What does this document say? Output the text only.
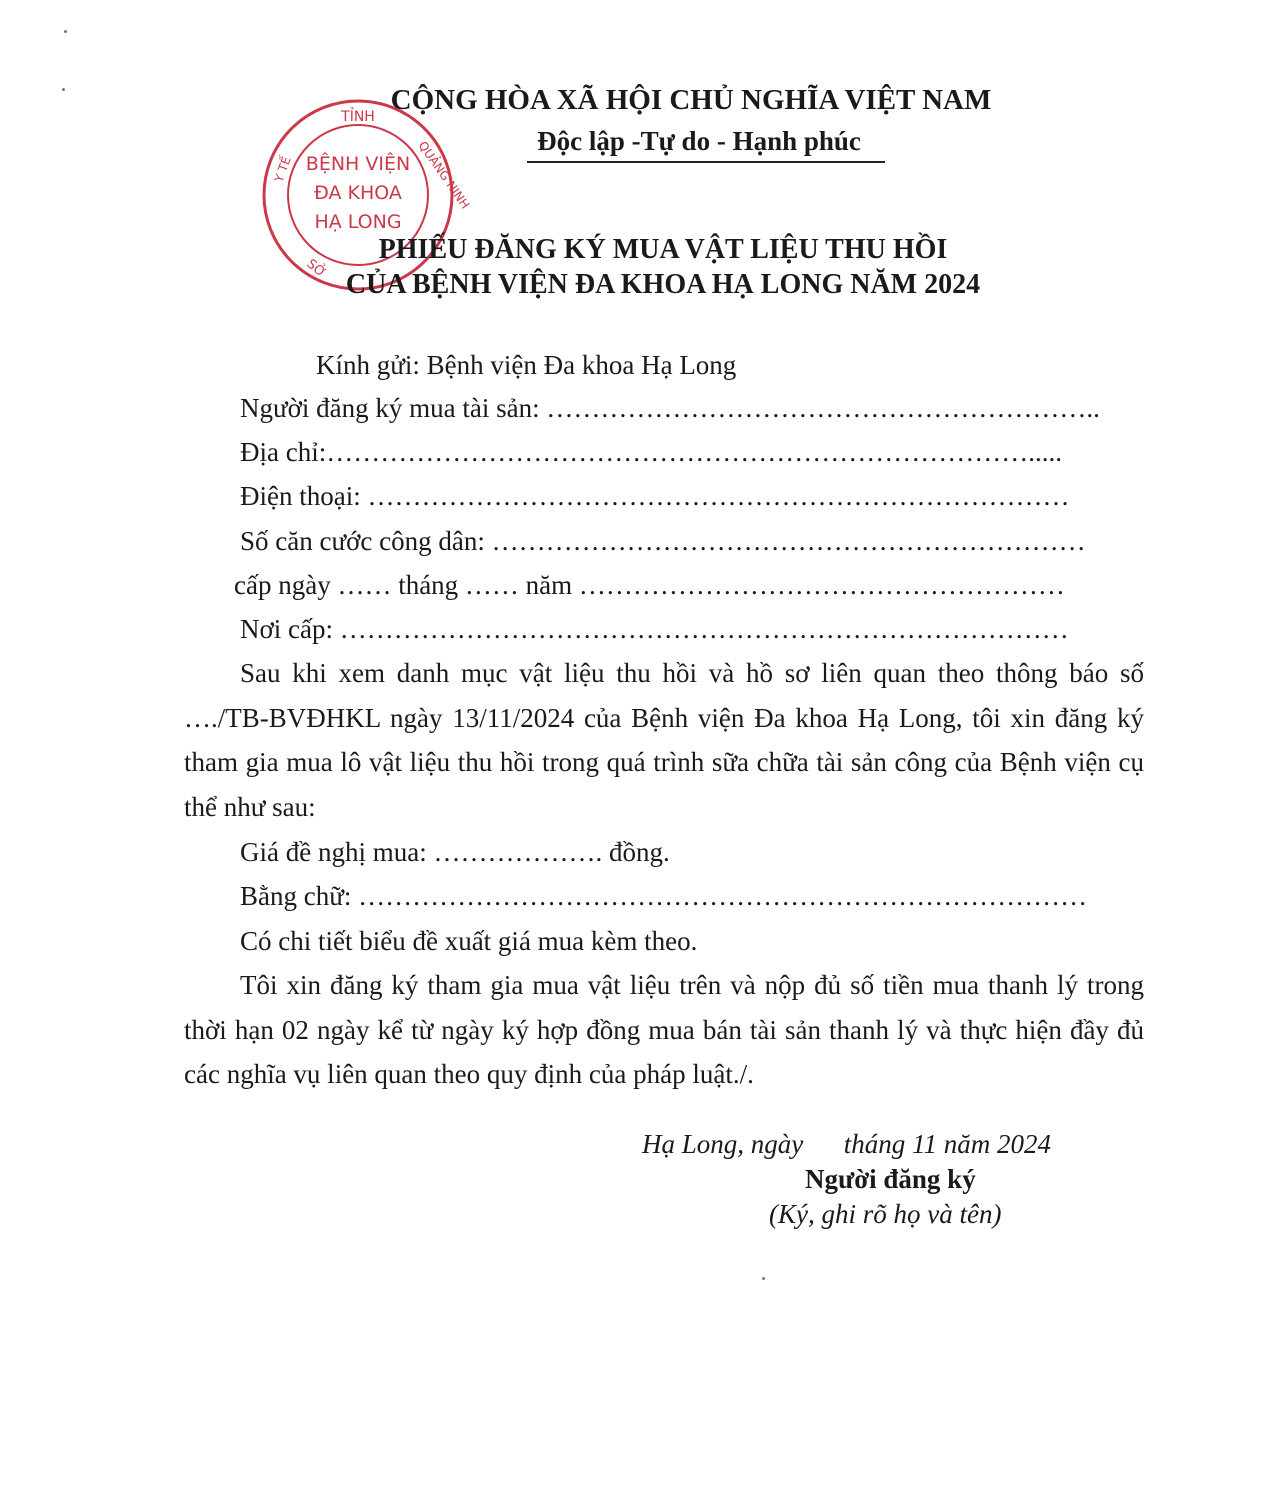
TỈNH
QUẢNG NINH
Y TẾ
SỞ
BỆNH VIỆN
ĐA KHOA
HẠ LONG
CỘNG HÒA XÃ HỘI CHỦ NGHĨA VIỆT NAM
Độc lập -Tự do - Hạnh phúc
PHIẾU ĐĂNG KÝ MUA VẬT LIỆU THU HỒI
CỦA BỆNH VIỆN ĐA KHOA HẠ LONG NĂM 2024
Kính gửi: Bệnh viện Đa khoa Hạ Long
Người đăng ký mua tài sản: ……………………………………………………..
Địa chỉ:…………………………………………………………………….....
Điện thoại: ……………………………………………………………………
Số căn cước công dân: …………………………………………………………
cấp ngày …… tháng …… năm ………………………………………………
Nơi cấp: ………………………………………………………………………
Sau khi xem danh mục vật liệu thu hồi và hồ sơ liên quan theo thông báo số …./TB-BVĐHKL ngày 13/11/2024 của Bệnh viện Đa khoa Hạ Long, tôi xin đăng ký tham gia mua lô vật liệu thu hồi trong quá trình sữa chữa tài sản công của Bệnh viện cụ thể như sau:
Giá đề nghị mua: ………………. đồng.
Bằng chữ: ………………………………………………………………………
Có chi tiết biểu đề xuất giá mua kèm theo.
Tôi xin đăng ký tham gia mua vật liệu trên và nộp đủ số tiền mua thanh lý trong thời hạn 02 ngày kể từ ngày ký hợp đồng mua bán tài sản thanh lý và thực hiện đầy đủ các nghĩa vụ liên quan theo quy định của pháp luật./.
Hạ Long, ngày      tháng 11 năm 2024
Người đăng ký
(Ký, ghi rõ họ và tên)
